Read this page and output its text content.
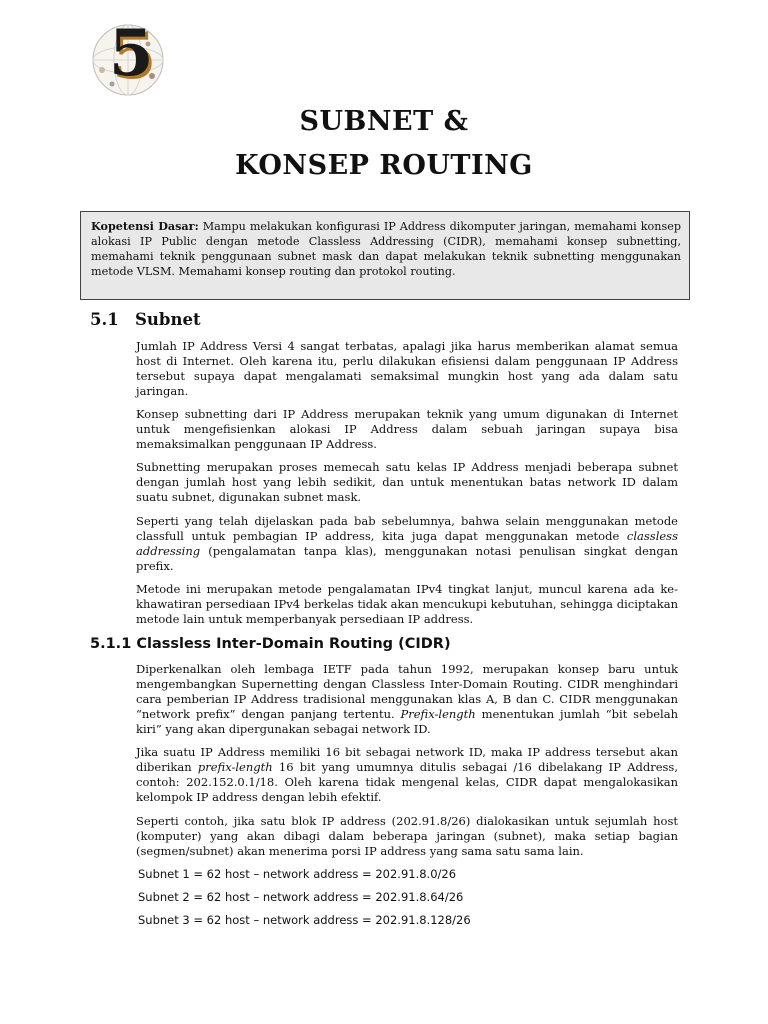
5
SUBNET &
KONSEP ROUTING
Kopetensi Dasar: Mampu melakukan konfigurasi IP Address dikomputer jaringan, memahami konsep alokasi IP Public dengan metode Classless Addressing (CIDR), memahami konsep subnetting, memahami teknik penggunaan subnet mask dan dapat melakukan teknik subnetting menggunakan metode VLSM. Memahami konsep routing dan protokol routing.
5.1 Subnet

Jumlah IP Address Versi 4 sangat terbatas, apalagi jika harus memberikan alamat semua host di Internet. Oleh karena itu, perlu dilakukan efisiensi dalam penggunaan IP Address tersebut supaya dapat mengalamati semaksimal mungkin host yang ada dalam satu jaringan.

Konsep subnetting dari IP Address merupakan teknik yang umum digunakan di Internet untuk mengefisienkan alokasi IP Address dalam sebuah jaringan supaya bisa memaksimalkan penggunaan IP Address.

Subnetting merupakan proses memecah satu kelas IP Address menjadi beberapa subnet dengan jumlah host yang lebih sedikit, dan untuk menentukan batas network ID dalam suatu subnet, digunakan subnet mask.

Seperti yang telah dijelaskan pada bab sebelumnya, bahwa selain menggunakan metode classfull untuk pembagian IP address, kita juga dapat menggunakan metode classless addressing (pengalamatan tanpa klas), menggunakan notasi penulisan singkat dengan prefix.

Metode ini merupakan metode pengalamatan IPv4 tingkat lanjut, muncul karena ada ke-khawatiran persediaan IPv4 berkelas tidak akan mencukupi kebutuhan, sehingga diciptakan metode lain untuk memperbanyak persediaan IP address.

5.1.1 Classless Inter-Domain Routing (CIDR)

Diperkenalkan oleh lembaga IETF pada tahun 1992, merupakan konsep baru untuk mengembangkan Supernetting dengan Classless Inter-Domain Routing. CIDR menghindari cara pemberian IP Address tradisional menggunakan klas A, B dan C. CIDR menggunakan “network prefix” dengan panjang tertentu. Prefix-length menentukan jumlah “bit sebelah kiri” yang akan dipergunakan sebagai network ID.

Jika suatu IP Address memiliki 16 bit sebagai network ID, maka IP address tersebut akan diberikan prefix-length 16 bit yang umumnya ditulis sebagai /16 dibelakang IP Address, contoh: 202.152.0.1/18. Oleh karena tidak mengenal kelas, CIDR dapat mengalokasikan kelompok IP address dengan lebih efektif.

Seperti contoh, jika satu blok IP address (202.91.8/26) dialokasikan untuk sejumlah host (komputer) yang akan dibagi dalam beberapa jaringan (subnet), maka setiap bagian (segmen/subnet) akan menerima porsi IP address yang sama satu sama lain.

Subnet 1 = 62 host – network address = 202.91.8.0/26

Subnet 2 = 62 host – network address = 202.91.8.64/26

Subnet 3 = 62 host – network address = 202.91.8.128/26
